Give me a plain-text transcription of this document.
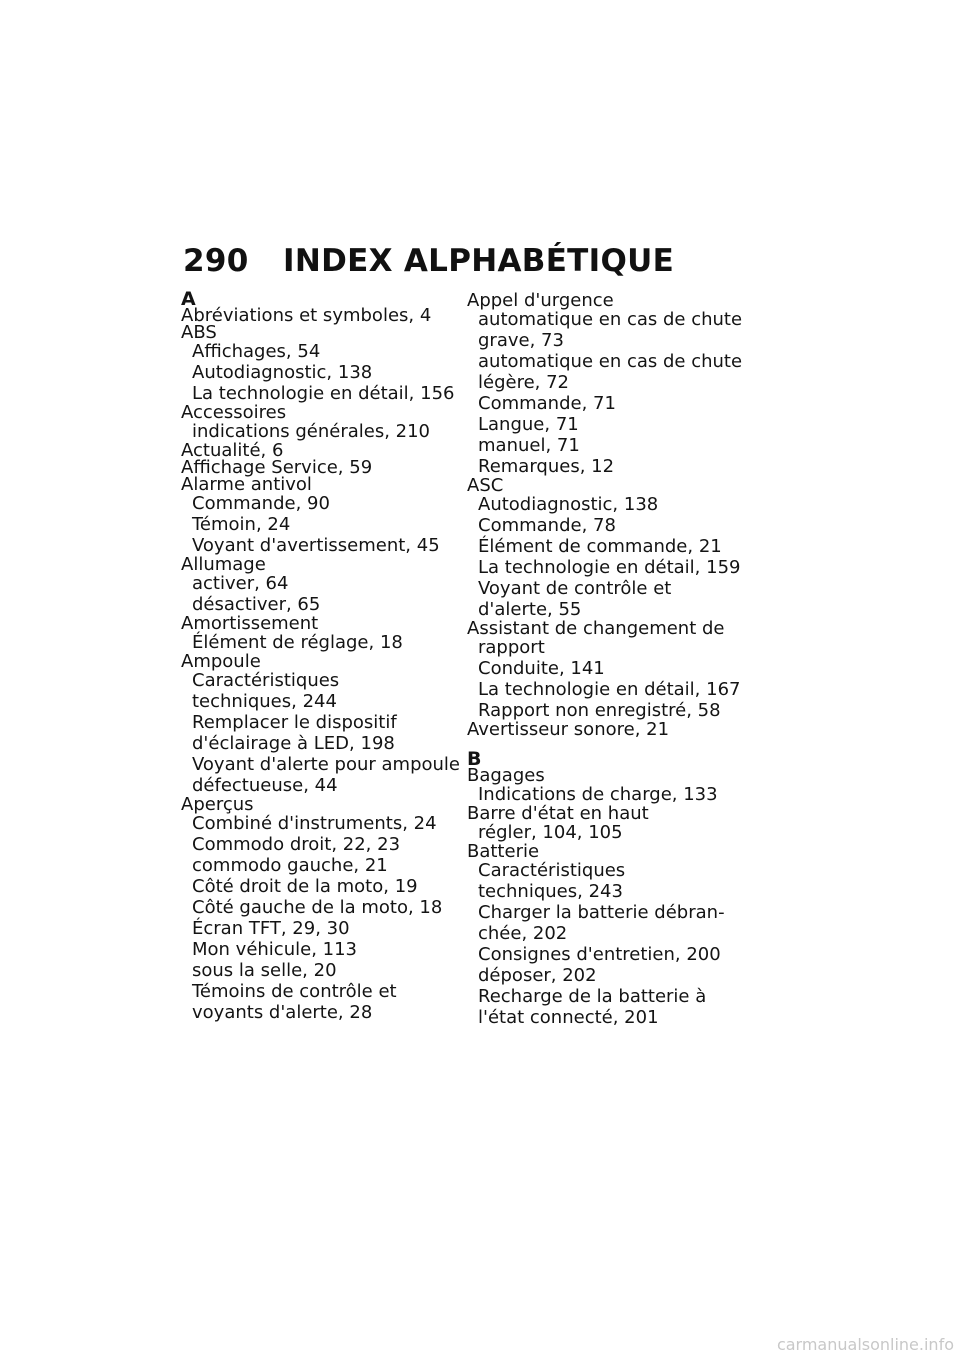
290	INDEX ALPHABÉTIQUE
A
Abréviations et symboles, 4
ABS
Affichages, 54
Autodiagnostic, 138
La technologie en détail, 156
Accessoires
indications générales, 210
Actualité, 6
Affichage Service, 59
Alarme antivol
Commande, 90
Témoin, 24
Voyant d'avertissement, 45
Allumage
activer, 64
désactiver, 65
Amortissement
Élément de réglage, 18
Ampoule
Caractéristiques
techniques, 244
Remplacer le dispositif
d'éclairage à LED, 198
Voyant d'alerte pour ampoule
défectueuse, 44
Aperçus
Combiné d'instruments, 24
Commodo droit, 22, 23
commodo gauche, 21
Côté droit de la moto, 19
Côté gauche de la moto, 18
Écran TFT, 29, 30
Mon véhicule, 113
sous la selle, 20
Témoins de contrôle et
voyants d'alerte, 28
Appel d'urgence
automatique en cas de chute
grave, 73
automatique en cas de chute
légère, 72
Commande, 71
Langue, 71
manuel, 71
Remarques, 12
ASC
Autodiagnostic, 138
Commande, 78
Élément de commande, 21
La technologie en détail, 159
Voyant de contrôle et
d'alerte, 55
Assistant de changement de
rapport
Conduite, 141
La technologie en détail, 167
Rapport non enregistré, 58
Avertisseur sonore, 21
B
Bagages
Indications de charge, 133
Barre d'état en haut
régler, 104, 105
Batterie
Caractéristiques
techniques, 243
Charger la batterie débran-
chée, 202
Consignes d'entretien, 200
déposer, 202
Recharge de la batterie à
l'état connecté, 201
carmanualsonline.info
